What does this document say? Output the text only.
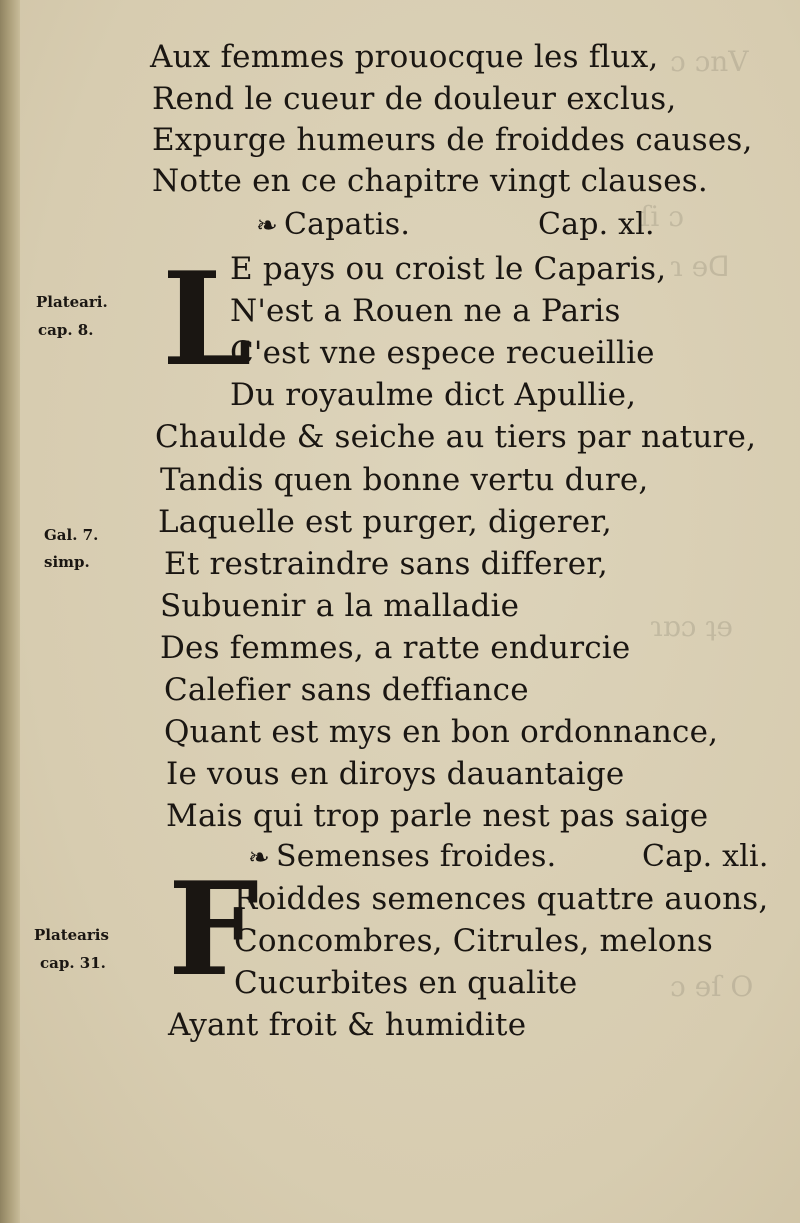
ɔ ɔnV
ſi ɔ
ɿ ɘᗡ
ɿɒɔ ʇɘ
ɔ ɘſ O
Plateari.
cap. 8.
Gal. 7.
simp.
Platearis
cap. 31.
Aux femmes prouocque les flux,
Rend le cueur de douleur exclus,
Expurge humeurs de froiddes causes,
Notte en ce chapitre vingt clauses.
❧ Capatis.	Cap. xl.
L
E pays ou croist le Caparis,
N'est a Rouen ne a Paris
C'est vne espece recueillie
Du royaulme dict Apullie,
Chaulde & seiche au tiers par nature,
Tandis quen bonne vertu dure,
Laquelle est purger, digerer,
Et restraindre sans differer,
Subuenir a la malladie
Des femmes, a ratte endurcie
Calefier sans deffiance
Quant est mys en bon ordonnance,
Ie vous en diroys dauantaige
Mais qui trop parle nest pas saige
❧ Semenses froides.	Cap. xli.
F
Roiddes semences quattre auons,
Concombres, Citrules, melons
Cucurbites en qualite
Ayant froit & humidite
